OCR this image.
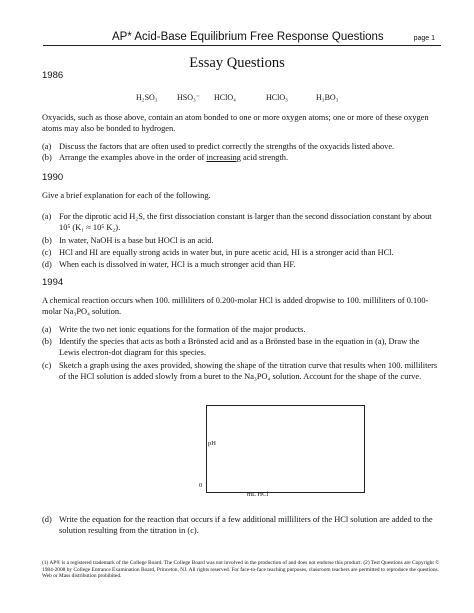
AP* Acid-Base Equilibrium Free Response Questions	page 1
Essay Questions
1986
H₂SO₃ HSO₃⁻ HClO₄	HClO₃	H₃BO₃
Oxyacids, such as those above, contain an atom bonded to one or more oxygen atoms; one or more of these oxygen atoms may also be bonded to hydrogen.
(a) Discuss the factors that are often used to predict correctly the strengths of the oxyacids listed above.
(b) Arrange the examples above in the order of increasing acid strength.
1990
Give a brief explanation for each of the following.
(a) For the diprotic acid H₂S, the first dissociation constant is larger than the second dissociation constant by about 10⁵ (K₁ ≈ 10⁵ K₂).
(b) In water, NaOH is a base but HOCl is an acid.
(c) HCl and HI are equally strong acids in water but, in pure acetic acid, HI is a stronger acid than HCl.
(d) When each is dissolved in water, HCl is a much stronger acid than HF.
1994
A chemical reaction occurs when 100. milliliters of 0.200-molar HCl is added dropwise to 100. milliliters of 0.100-molar Na₃PO₄ solution.
(a) Write the two net ionic equations for the formation of the major products.
(b) Identify the species that acts as both a Brönsted acid and as a Brönsted base in the equation in (a), Draw the Lewis electron-dot diagram for this species.
(c) Sketch a graph using the axes provided, showing the shape of the titration curve that results when 100. milliliters of the HCl solution is added slowly from a buret to the Na₃PO₄ solution. Account for the shape of the curve.
pH
0
mL HCl
(d) Write the equation for the reaction that occurs if a few additional milliliters of the HCl solution are added to the solution resulting from the titration in (c).
(1) AP® is a registered trademark of the College Board. The College Board was not involved in the production of and does not endorse this product. (2) Test Questions are Copyright © 1984-2008 by College Entrance Examination Board, Princeton, NJ. All rights reserved. For face-to-face teaching purposes, classroom teachers are permitted to reproduce the questions. Web or Mass distribution prohibited.
